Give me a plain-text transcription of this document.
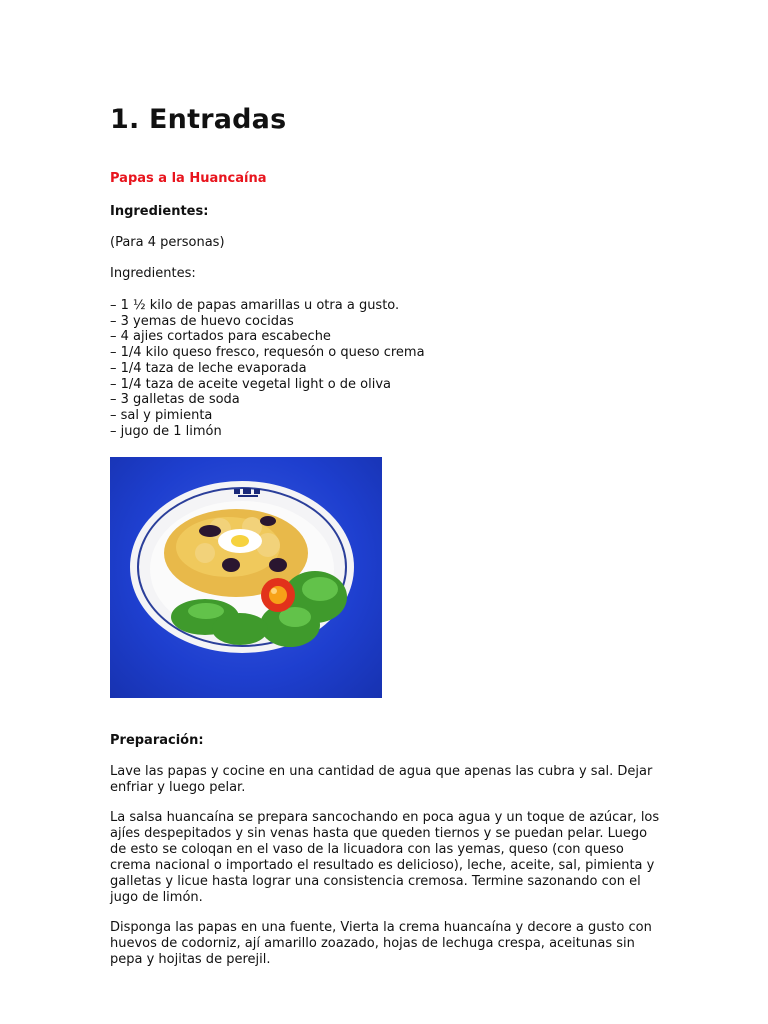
1. Entradas

Papas a la Huancaína

Ingredientes:

(Para 4 personas)

Ingredientes:

– 1 ½ kilo de papas amarillas u otra a gusto.
– 3 yemas de huevo cocidas
– 4 ajies cortados para escabeche
– 1/4 kilo queso fresco, requesón o queso crema
– 1/4 taza de leche evaporada
– 1/4 taza de aceite vegetal light o de oliva
– 3 galletas de soda
– sal y pimienta
– jugo de 1 limón

Preparación:

Lave las papas y cocine en una cantidad de agua que apenas las cubra y sal. Dejar enfriar y luego pelar.

La salsa huancaína se prepara sancochando en poca agua y un toque de azúcar, los ajíes despepitados y sin venas hasta que queden tiernos y se puedan pelar. Luego de esto se coloqan en el vaso de la licuadora con las yemas, queso (con queso crema nacional o importado el resultado es delicioso), leche, aceite, sal, pimienta y galletas y licue hasta lograr una consistencia cremosa. Termine sazonando con el jugo de limón.

Disponga las papas en una fuente, Vierta la crema huancaína y decore a gusto con huevos de codorniz, ají amarillo zoazado, hojas de lechuga crespa, aceitunas sin pepa y hojitas de perejil.
